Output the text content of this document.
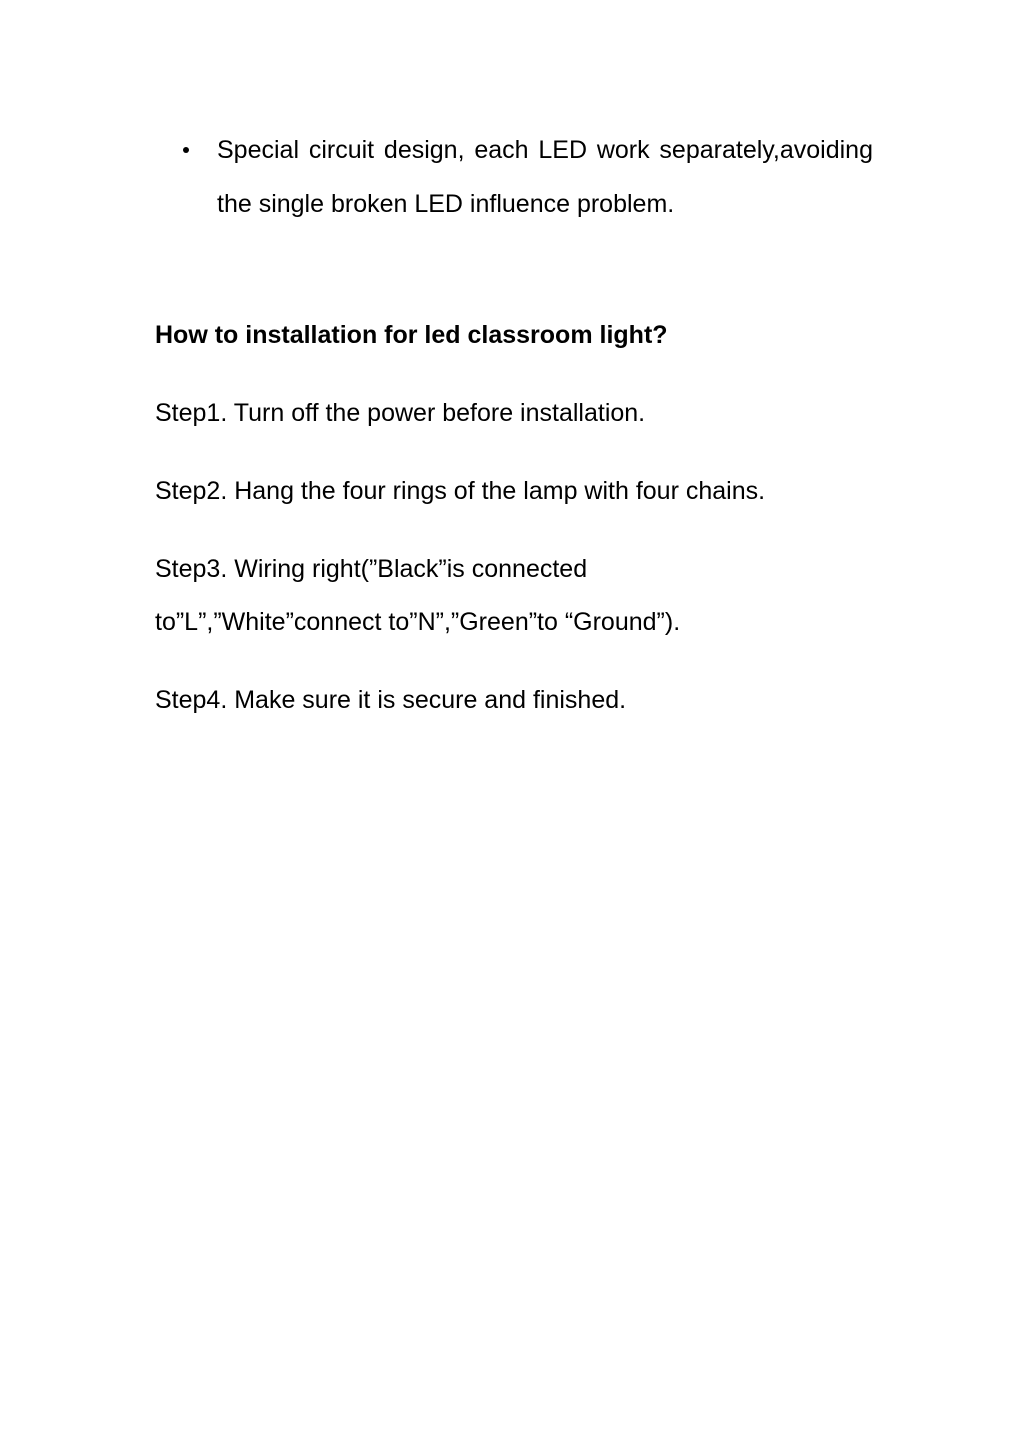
Special circuit design, each LED work separately,avoiding the single broken LED influence problem.
How to installation for led classroom light?
Step1. Turn off the power before installation.
Step2. Hang the four rings of the lamp with four chains.
Step3. Wiring right(”Black”is connected
to”L”,”White”connect to”N”,”Green”to “Ground”).
Step4. Make sure it is secure and finished.
